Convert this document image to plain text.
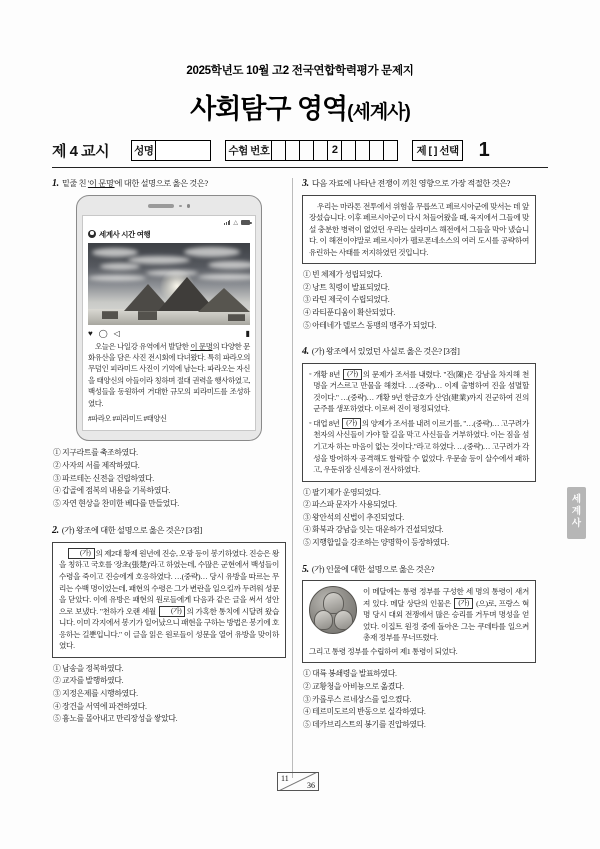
2025학년도 10월 고2 전국연합학력평가 문제지
사회탐구 영역(세계사)
제 4 교시 성명	수험 번호	2	제 [ ] 선택 1
1. 밑줄 친 '이 문명'에 대한 설명으로 옳은 것은?
△
세계사 시간 여행
♥ ◯ ◁	▮
오늘은 나일강 유역에서 발달한 이 문명의 다양한 문화유산을 담은 사진 전시회에 다녀왔다. 특히 파라오의 무덤인 피라미드 사진이 기억에 남는다. 파라오는 자신을 태양신의 아들이라 칭하며 절대 권력을 행사하였고, 백성들을 동원하여 거대한 규모의 피라미드를 조성하였다.
#파라오 #피라미드 #태양신
① 지구라트를 축조하였다.
② 사자의 서를 제작하였다.
③ 파르테논 신전을 건립하였다.
④ 갑골에 점복의 내용을 기록하였다.
⑤ 자연 현상을 찬미한 베다를 만들었다.
2. (가) 왕조에 대한 설명으로 옳은 것은? [3점]

(가) 의 제2대 황제 원년에 진승, 오광 등이 봉기하였다. 진승은 왕을 칭하고 국호를 '장초(張楚)'라고 하였는데, 수많은 군현에서 백성들이 수령을 죽이고 진승에게 호응하였다. …(중략)… 당시 유방을 따르는 무리는 수백 명이었는데, 패현의 수령은 그가 변란을 일으킬까 두려워 성문을 닫았다. 이에 유방은 패현의 원로들에게 다음과 같은 글을 써서 성안으로 보냈다. "천하가 오랜 세월 (가) 의 가혹한 통치에 시달려 왔습니다. 이미 각지에서 봉기가 일어났으니 패현을 구하는 방법은 봉기에 호응하는 길뿐입니다." 이 글을 읽은 원로들이 성문을 열어 유방을 맞이하였다.

① 남송을 정복하였다.
② 교자를 발행하였다.
③ 지정은제를 시행하였다.
④ 장건을 서역에 파견하였다.
⑤ 흉노를 몰아내고 만리장성을 쌓았다.
3. 다음 자료에 나타난 전쟁이 끼친 영향으로 가장 적절한 것은?

우리는 마라톤 전투에서 위험을 무릅쓰고 페르시아군에 맞서는 데 앞장섰습니다. 이후 페르시아군이 다시 쳐들어왔을 때, 육지에서 그들에 맞설 충분한 병력이 없었던 우리는 살라미스 해전에서 그들을 막아 냈습니다. 이 해전이야말로 페르시아가 펠로폰네소스의 여러 도시를 공략하여 유린하는 사태를 저지하였던 것입니다.

① 빈 체제가 성립되었다.
② 낭트 칙령이 발표되었다.
③ 라틴 제국이 수립되었다.
④ 라티푼디움이 확산되었다.
⑤ 아테네가 델로스 동맹의 맹주가 되었다.
4. (가) 왕조에서 있었던 사실로 옳은 것은? [3점]
◦ 개황 8년 (가) 의 문제가 조서를 내렸다. "진(陳)은 강남을 차지해 천명을 거스르고 만물을 해쳤다. …(중략)… 이제 출병하여 진을 섬멸할 것이다." …(중략)… 개황 9년 한금호가 산엄(建業)까지 진군하여 진의 군주를 생포하였다. 이로써 진이 평정되었다.
◦ 대업 8년 (가) 의 양제가 조서를 내려 이르기를, "…(중략)… 고구려가 천자의 사신들이 가야 할 길을 막고 사신들을 거부하였다. 이는 짐을 섬기고자 하는 마음이 없는 것이다."라고 하였다. …(중략)… 고구려가 각 성을 방어하자 공격해도 함락할 수 없었다. 우문술 등이 살수에서 패하고, 우둔위장 신세웅이 전사하였다.
① 팔기제가 운영되었다.
② 파스파 문자가 사용되었다.
③ 왕안석의 신법이 추진되었다.
④ 화북과 강남을 잇는 대운하가 건설되었다.
⑤ 지행합일을 강조하는 양명학이 등장하였다.
5. (가) 인물에 대한 설명으로 옳은 것은?
이 메달에는 통령 정부를 구성한 세 명의 통령이 새겨져 있다. 메달 상단의 인물은 (가) (으)로, 프랑스 혁명 당시 대외 전쟁에서 많은 승리를 거두며 명성을 얻었다. 이집트 원정 중에 돌아온 그는 쿠데타를 일으켜 총재 정부를 무너뜨렸다.
그리고 통령 정부를 수립하여 제1 통령이 되었다.
① 대륙 봉쇄령을 발표하였다.
② 교황청을 아비뇽으로 옮겼다.
③ 카롤루스 르네상스를 일으켰다.
④ 테르미도르의 반동으로 실각하였다.
⑤ 데카브리스트의 봉기를 진압하였다.
세
계
사
11
36
